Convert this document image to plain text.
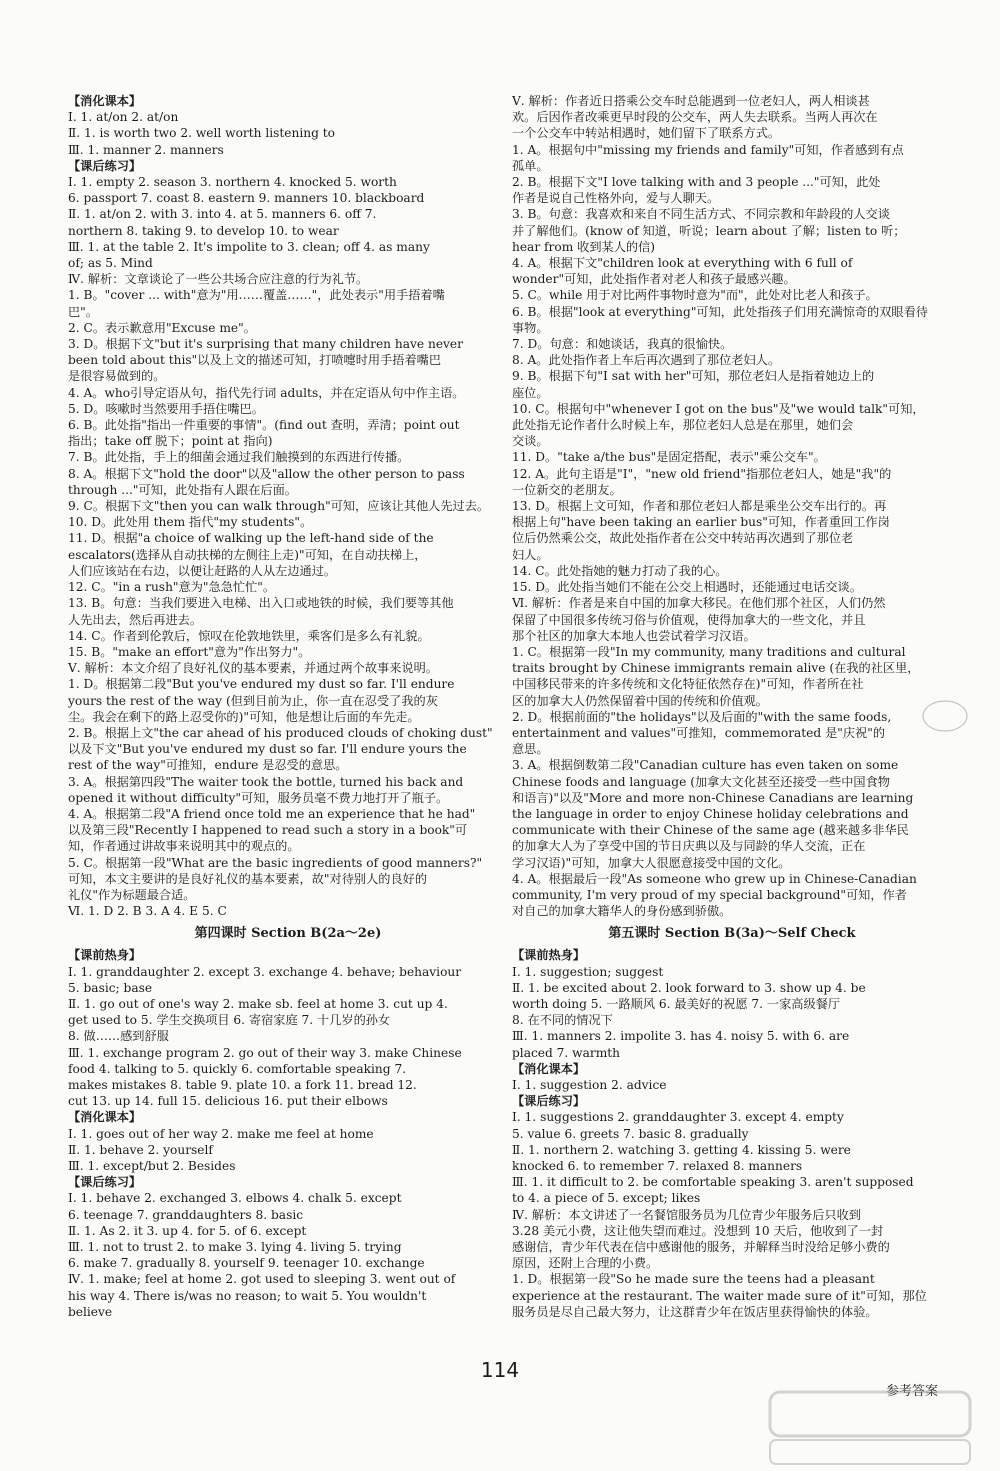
【消化课本】

Ⅰ. 1. at/on 2. at/on

Ⅱ. 1. is worth two 2. well worth listening to

Ⅲ. 1. manner 2. manners

【课后练习】

Ⅰ. 1. empty 2. season 3. northern 4. knocked 5. worth

6. passport 7. coast 8. eastern 9. manners 10. blackboard

Ⅱ. 1. at/on 2. with 3. into 4. at 5. manners 6. off 7.

northern 8. taking 9. to develop 10. to wear

Ⅲ. 1. at the table 2. It's impolite to 3. clean; off 4. as many

of; as 5. Mind

Ⅳ. 解析：文章谈论了一些公共场合应注意的行为礼节。

1. B。"cover ... with"意为"用……覆盖……"，此处表示"用手捂着嘴

巴"。

2. C。表示歉意用"Excuse me"。

3. D。根据下文"but it's surprising that many children have never

been told about this"以及上文的描述可知，打喷嚏时用手捂着嘴巴

是很容易做到的。

4. A。who引导定语从句，指代先行词 adults，并在定语从句中作主语。

5. D。咳嗽时当然要用手捂住嘴巴。

6. B。此处指"指出一件重要的事情"。(find out 查明，弄清；point out

指出；take off 脱下；point at 指向)

7. B。此处指，手上的细菌会通过我们触摸到的东西进行传播。

8. A。根据下文"hold the door"以及"allow the other person to pass

through ..."可知，此处指有人跟在后面。

9. C。根据下文"then you can walk through"可知，应该让其他人先过去。

10. D。此处用 them 指代"my students"。

11. D。根据"a choice of walking up the left-hand side of the

escalators(选择从自动扶梯的左侧往上走)"可知，在自动扶梯上，

人们应该站在右边，以便让赶路的人从左边通过。

12. C。"in a rush"意为"急急忙忙"。

13. B。句意：当我们要进入电梯、出入口或地铁的时候，我们要等其他

人先出去，然后再进去。

14. C。作者到伦敦后，惊叹在伦敦地铁里，乘客们是多么有礼貌。

15. B。"make an effort"意为"作出努力"。

Ⅴ. 解析：本文介绍了良好礼仪的基本要素，并通过两个故事来说明。

1. D。根据第二段"But you've endured my dust so far. I'll endure

yours the rest of the way (但到目前为止，你一直在忍受了我的灰

尘。我会在剩下的路上忍受你的)"可知，他是想让后面的车先走。

2. B。根据上文"the car ahead of his produced clouds of choking dust"

以及下文"But you've endured my dust so far. I'll endure yours the

rest of the way"可推知，endure 是忍受的意思。

3. A。根据第四段"The waiter took the bottle, turned his back and

opened it without difficulty"可知，服务员毫不费力地打开了瓶子。

4. A。根据第二段"A friend once told me an experience that he had"

以及第三段"Recently I happened to read such a story in a book"可

知，作者通过讲故事来说明其中的观点的。

5. C。根据第一段"What are the basic ingredients of good manners?"

可知，本文主要讲的是良好礼仪的基本要素，故"对待别人的良好的

礼仪"作为标题最合适。

Ⅵ. 1. D 2. B 3. A 4. E 5. C

第四课时 Section B(2a～2e)

【课前热身】

Ⅰ. 1. granddaughter 2. except 3. exchange 4. behave; behaviour

5. basic; base

Ⅱ. 1. go out of one's way 2. make sb. feel at home 3. cut up 4.

get used to 5. 学生交换项目 6. 寄宿家庭 7. 十几岁的孙女

8. 做……感到舒服

Ⅲ. 1. exchange program 2. go out of their way 3. make Chinese

food 4. talking to 5. quickly 6. comfortable speaking 7.

makes mistakes 8. table 9. plate 10. a fork 11. bread 12.

cut 13. up 14. full 15. delicious 16. put their elbows

【消化课本】

Ⅰ. 1. goes out of her way 2. make me feel at home

Ⅱ. 1. behave 2. yourself

Ⅲ. 1. except/but 2. Besides

【课后练习】

Ⅰ. 1. behave 2. exchanged 3. elbows 4. chalk 5. except

6. teenage 7. granddaughters 8. basic

Ⅱ. 1. As 2. it 3. up 4. for 5. of 6. except

Ⅲ. 1. not to trust 2. to make 3. lying 4. living 5. trying

6. make 7. gradually 8. yourself 9. teenager 10. exchange

Ⅳ. 1. make; feel at home 2. got used to sleeping 3. went out of

his way 4. There is/was no reason; to wait 5. You wouldn't

believe

Ⅴ. 解析：作者近日搭乘公交车时总能遇到一位老妇人，两人相谈甚

欢。后因作者改乘更早时段的公交车，两人失去联系。当两人再次在

一个公交车中转站相遇时，她们留下了联系方式。

1. A。根据句中"missing my friends and family"可知，作者感到有点

孤单。

2. B。根据下文"I love talking with and 3 people ..."可知，此处

作者是说自己性格外向，爱与人聊天。

3. B。句意：我喜欢和来自不同生活方式、不同宗教和年龄段的人交谈

并了解他们。(know of 知道，听说；learn about 了解；listen to 听；

hear from 收到某人的信)

4. A。根据下文"children look at everything with 6 full of

wonder"可知，此处指作者对老人和孩子最感兴趣。

5. C。while 用于对比两件事物时意为"而"，此处对比老人和孩子。

6. B。根据"look at everything"可知，此处指孩子们用充满惊奇的双眼看待

事物。

7. D。句意：和她谈话，我真的很愉快。

8. A。此处指作者上车后再次遇到了那位老妇人。

9. B。根据下句"I sat with her"可知，那位老妇人是指着她边上的

座位。

10. C。根据句中"whenever I got on the bus"及"we would talk"可知，

此处指无论作者什么时候上车，那位老妇人总是在那里，她们会

交谈。

11. D。"take a/the bus"是固定搭配，表示"乘公交车"。

12. A。此句主语是"I"，"new old friend"指那位老妇人，她是"我"的

一位新交的老朋友。

13. D。根据上文可知，作者和那位老妇人都是乘坐公交车出行的。再

根据上句"have been taking an earlier bus"可知，作者重回工作岗

位后仍然乘公交，故此处指作者在公交中转站再次遇到了那位老

妇人。

14. C。此处指她的魅力打动了我的心。

15. D。此处指当她们不能在公交上相遇时，还能通过电话交谈。

Ⅵ. 解析：作者是来自中国的加拿大移民。在他们那个社区，人们仍然

保留了中国很多传统习俗与价值观，使得加拿大的一些文化，并且

那个社区的加拿大本地人也尝试着学习汉语。

1. C。根据第一段"In my community, many traditions and cultural

traits brought by Chinese immigrants remain alive (在我的社区里，

中国移民带来的许多传统和文化特征依然存在)"可知，作者所在社

区的加拿大人仍然保留着中国的传统和价值观。

2. D。根据前面的"the holidays"以及后面的"with the same foods,

entertainment and values"可推知，commemorated 是"庆祝"的

意思。

3. A。根据倒数第二段"Canadian culture has even taken on some

Chinese foods and language (加拿大文化甚至还接受一些中国食物

和语言)"以及"More and more non-Chinese Canadians are learning

the language in order to enjoy Chinese holiday celebrations and

communicate with their Chinese of the same age (越来越多非华民

的加拿大人为了享受中国的节日庆典以及与同龄的华人交流，正在

学习汉语)"可知，加拿大人很愿意接受中国的文化。

4. A。根据最后一段"As someone who grew up in Chinese-Canadian

community, I'm very proud of my special background"可知，作者

对自己的加拿大籍华人的身份感到骄傲。

第五课时 Section B(3a)～Self Check

【课前热身】

Ⅰ. 1. suggestion; suggest

Ⅱ. 1. be excited about 2. look forward to 3. show up 4. be

worth doing 5. 一路顺风 6. 最美好的祝愿 7. 一家高级餐厅

8. 在不同的情况下

Ⅲ. 1. manners 2. impolite 3. has 4. noisy 5. with 6. are

placed 7. warmth

【消化课本】

Ⅰ. 1. suggestion 2. advice

【课后练习】

Ⅰ. 1. suggestions 2. granddaughter 3. except 4. empty

5. value 6. greets 7. basic 8. gradually

Ⅱ. 1. northern 2. watching 3. getting 4. kissing 5. were

knocked 6. to remember 7. relaxed 8. manners

Ⅲ. 1. it difficult to 2. be comfortable speaking 3. aren't supposed

to 4. a piece of 5. except; likes

Ⅳ. 解析：本文讲述了一名餐馆服务员为几位青少年服务后只收到

3.28 美元小费，这让他失望而难过。没想到 10 天后，他收到了一封

感谢信，青少年代表在信中感谢他的服务，并解释当时没给足够小费的

原因，还附上合理的小费。

1. D。根据第一段"So he made sure the teens had a pleasant

experience at the restaurant. The waiter made sure of it"可知，那位

服务员是尽自己最大努力，让这群青少年在饭店里获得愉快的体验。

114
参考答案
